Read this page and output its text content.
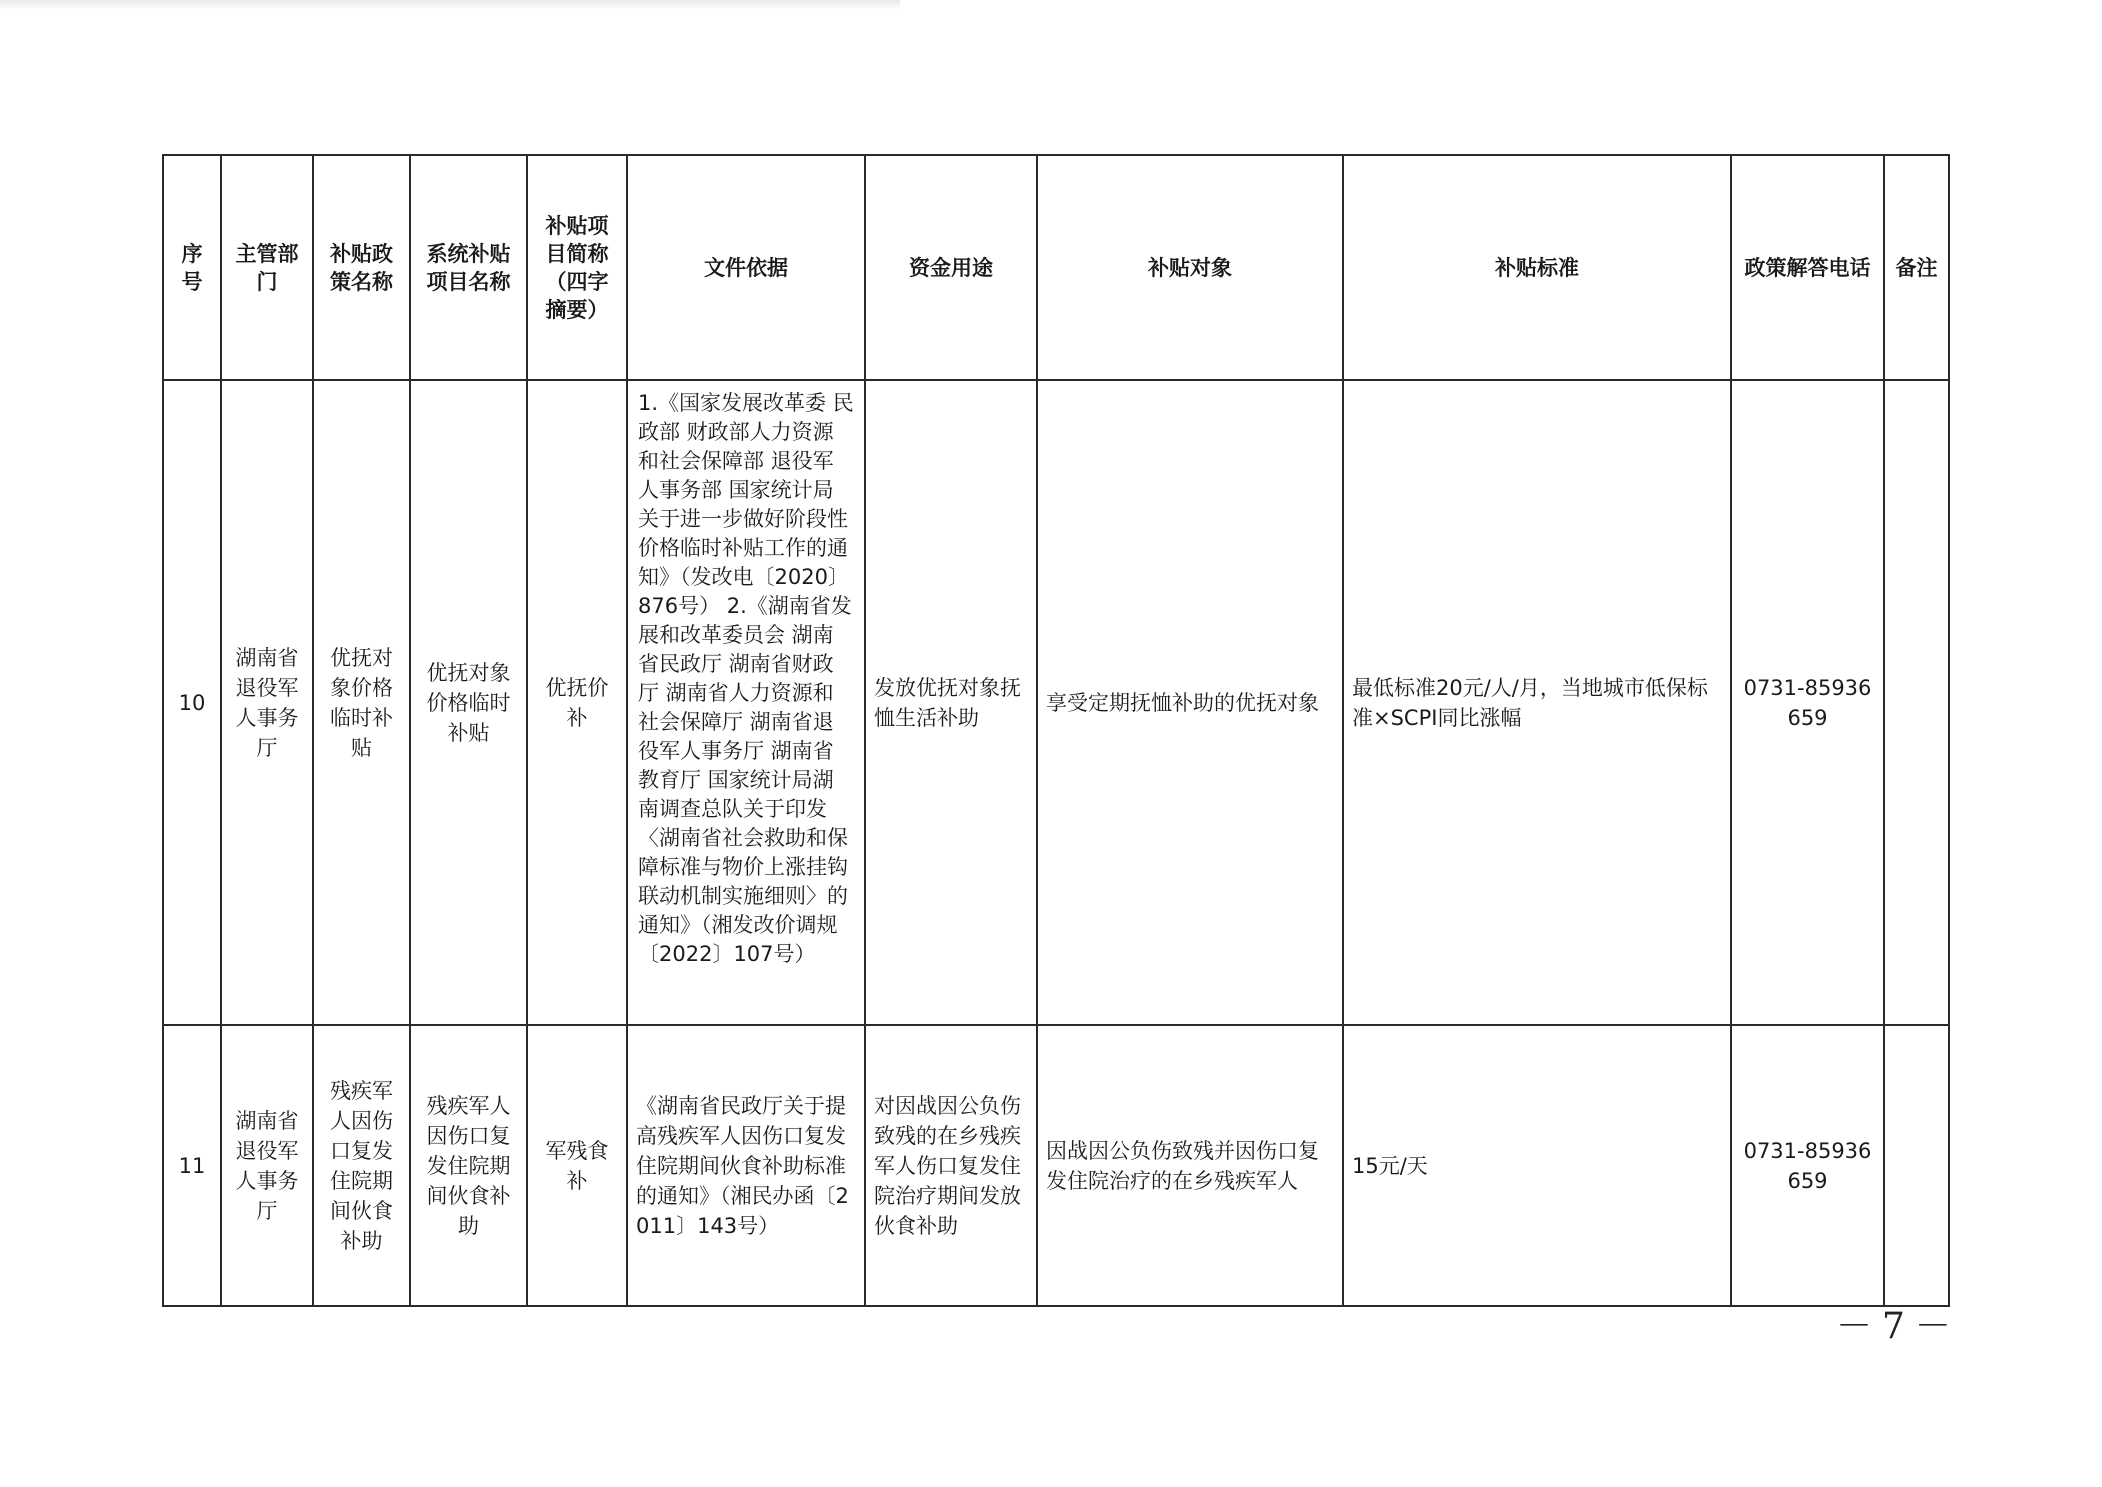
序号	主管部门	补贴政策名称	系统补贴项目名称	补贴项目简称（四字摘要）	文件依据	资金用途	补贴对象	补贴标准	政策解答电话	备注
10	湖南省退役军人事务厅	优抚对象价格临时补贴	优抚对象价格临时补贴	优抚价补	1.《国家发展改革委 民政部 财政部人力资源和社会保障部 退役军人事务部 国家统计局关于进一步做好阶段性价格临时补贴工作的通知》（发改电〔2020〕876号） 2.《湖南省发展和改革委员会 湖南省民政厅 湖南省财政厅 湖南省人力资源和社会保障厅 湖南省退役军人事务厅 湖南省教育厅 国家统计局湖南调查总队关于印发〈湖南省社会救助和保障标准与物价上涨挂钩联动机制实施细则〉的通知》（湘发改价调规〔2022〕107号）	发放优抚对象抚恤生活补助	享受定期抚恤补助的优抚对象	最低标准20元/人/月，当地城市低保标准×SCPI同比涨幅	0731-85936659	
11	湖南省退役军人事务厅	残疾军人因伤口复发住院期间伙食补助	残疾军人因伤口复发住院期间伙食补助	军残食补	《湖南省民政厅关于提高残疾军人因伤口复发住院期间伙食补助标准的通知》（湘民办函〔2011〕143号）	对因战因公负伤致残的在乡残疾军人伤口复发住院治疗期间发放伙食补助	因战因公负伤致残并因伤口复发住院治疗的在乡残疾军人	15元/天	0731-85936659	
－7－
